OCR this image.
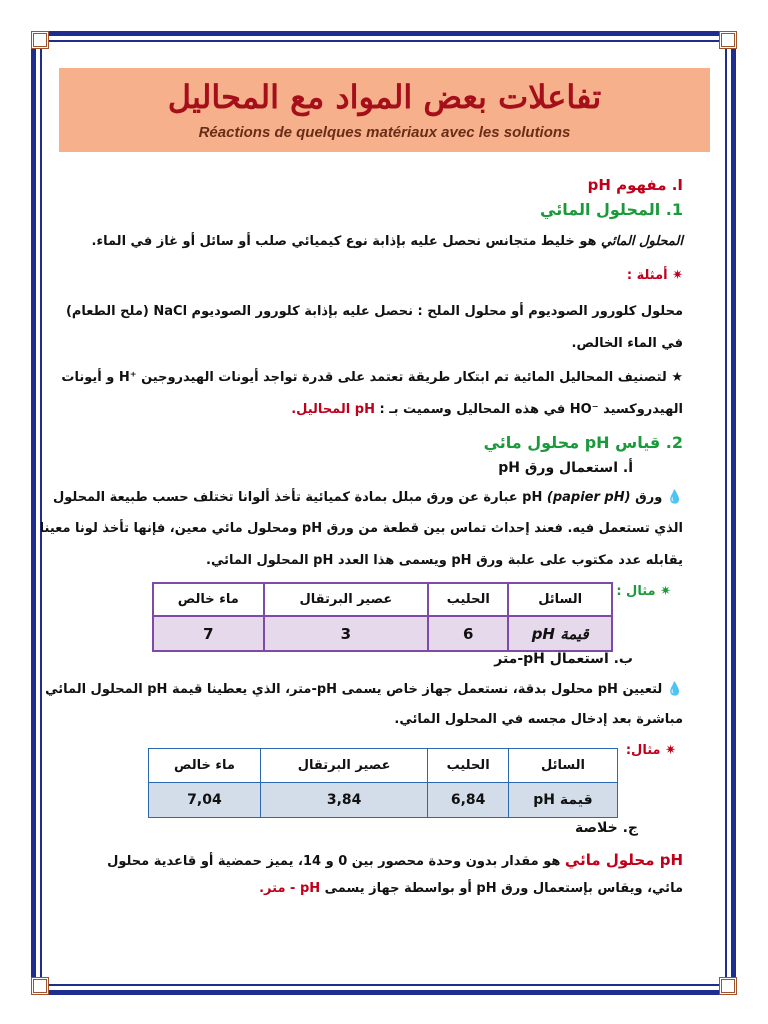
تفاعلات بعض المواد مع المحاليل
Réactions de quelques matériaux avec les solutions
I. مفهوم pH
1. المحلول المائي
المحلول المائي هو خليط متجانس نحصل عليه بإذابة نوع كيميائي صلب أو سائل أو غاز في الماء.
✷ أمثلة :
محلول كلورور الصوديوم أو محلول الملح : نحصل عليه بإذابة كلورور الصوديوم NaCl (ملح الطعام)
في الماء الخالص.
★ لتصنيف المحاليل المائية تم ابتكار طريقة تعتمد على قدرة تواجد أيونات الهيدروجين ⁺H و أيونات
الهيدروكسيد ⁻HO في هذه المحاليل وسميت بـ : pH المحاليل.
2. قياس pH محلول مائي
أ. استعمال ورق pH
💧 ورق pH (papier pH) عبارة عن ورق مبلل بمادة كميائية تأخذ ألوانا تختلف حسب طبيعة المحلول
الذي تستعمل فيه. فعند إحداث تماس بين قطعة من ورق pH ومحلول مائي معين، فإنها تأخذ لونا معينا
يقابله عدد مكتوب على علبة ورق pH ويسمى هذا العدد pH المحلول المائي.
✷ مثال :
السائل	الحليب	عصير البرتقال	ماء خالص
قيمة pH	6	3	7
ب. استعمال pH-متر
💧 لتعيين pH محلول بدقة، نستعمل جهاز خاص يسمى pH-متر، الذي يعطينا قيمة pH المحلول المائي
مباشرة بعد إدخال مجسه في المحلول المائي.
✷ مثال:
السائل	الحليب	عصير البرتقال	ماء خالص
قيمة pH	6,84	3,84	7,04
ج. خلاصة
pH محلول مائي هو مقدار بدون وحدة محصور بين 0 و 14، يميز حمضية أو قاعدية محلول
مائي، ويقاس بإستعمال ورق pH أو بواسطة جهاز يسمى pH - متر.
